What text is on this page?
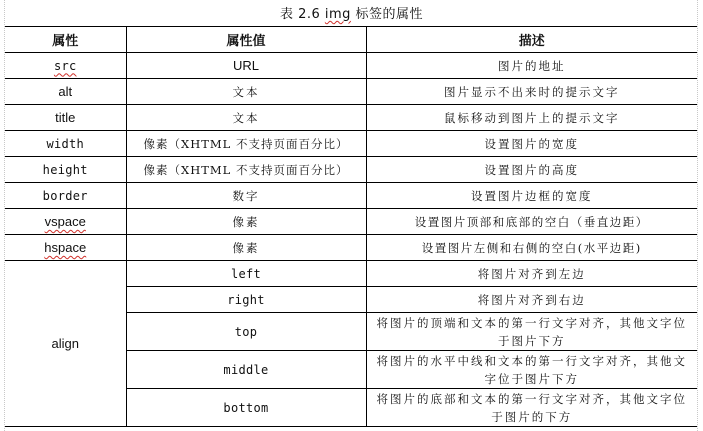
表 2.6 img 标签的属性
属性	属性值	描述
src	URL	图片的地址
alt	文本	图片显示不出来时的提示文字
title	文本	鼠标移动到图片上的提示文字
width	像素（XHTML 不支持页面百分比）	设置图片的宽度
height	像素（XHTML 不支持页面百分比）	设置图片的高度
border	数字	设置图片边框的宽度
vspace	像素	设置图片顶部和底部的空白（垂直边距）
hspace	像素	设置图片左侧和右侧的空白(水平边距)
align	left	将图片对齐到左边
	right	将图片对齐到右边
	top	将图片的顶端和文本的第一行文字对齐，其他文字位于图片下方

	middle	将图片的水平中线和文本的第一行文字对齐，其他文字位于图片下方

	bottom	将图片的底部和文本的第一行文字对齐，其他文字位于图片的下方
